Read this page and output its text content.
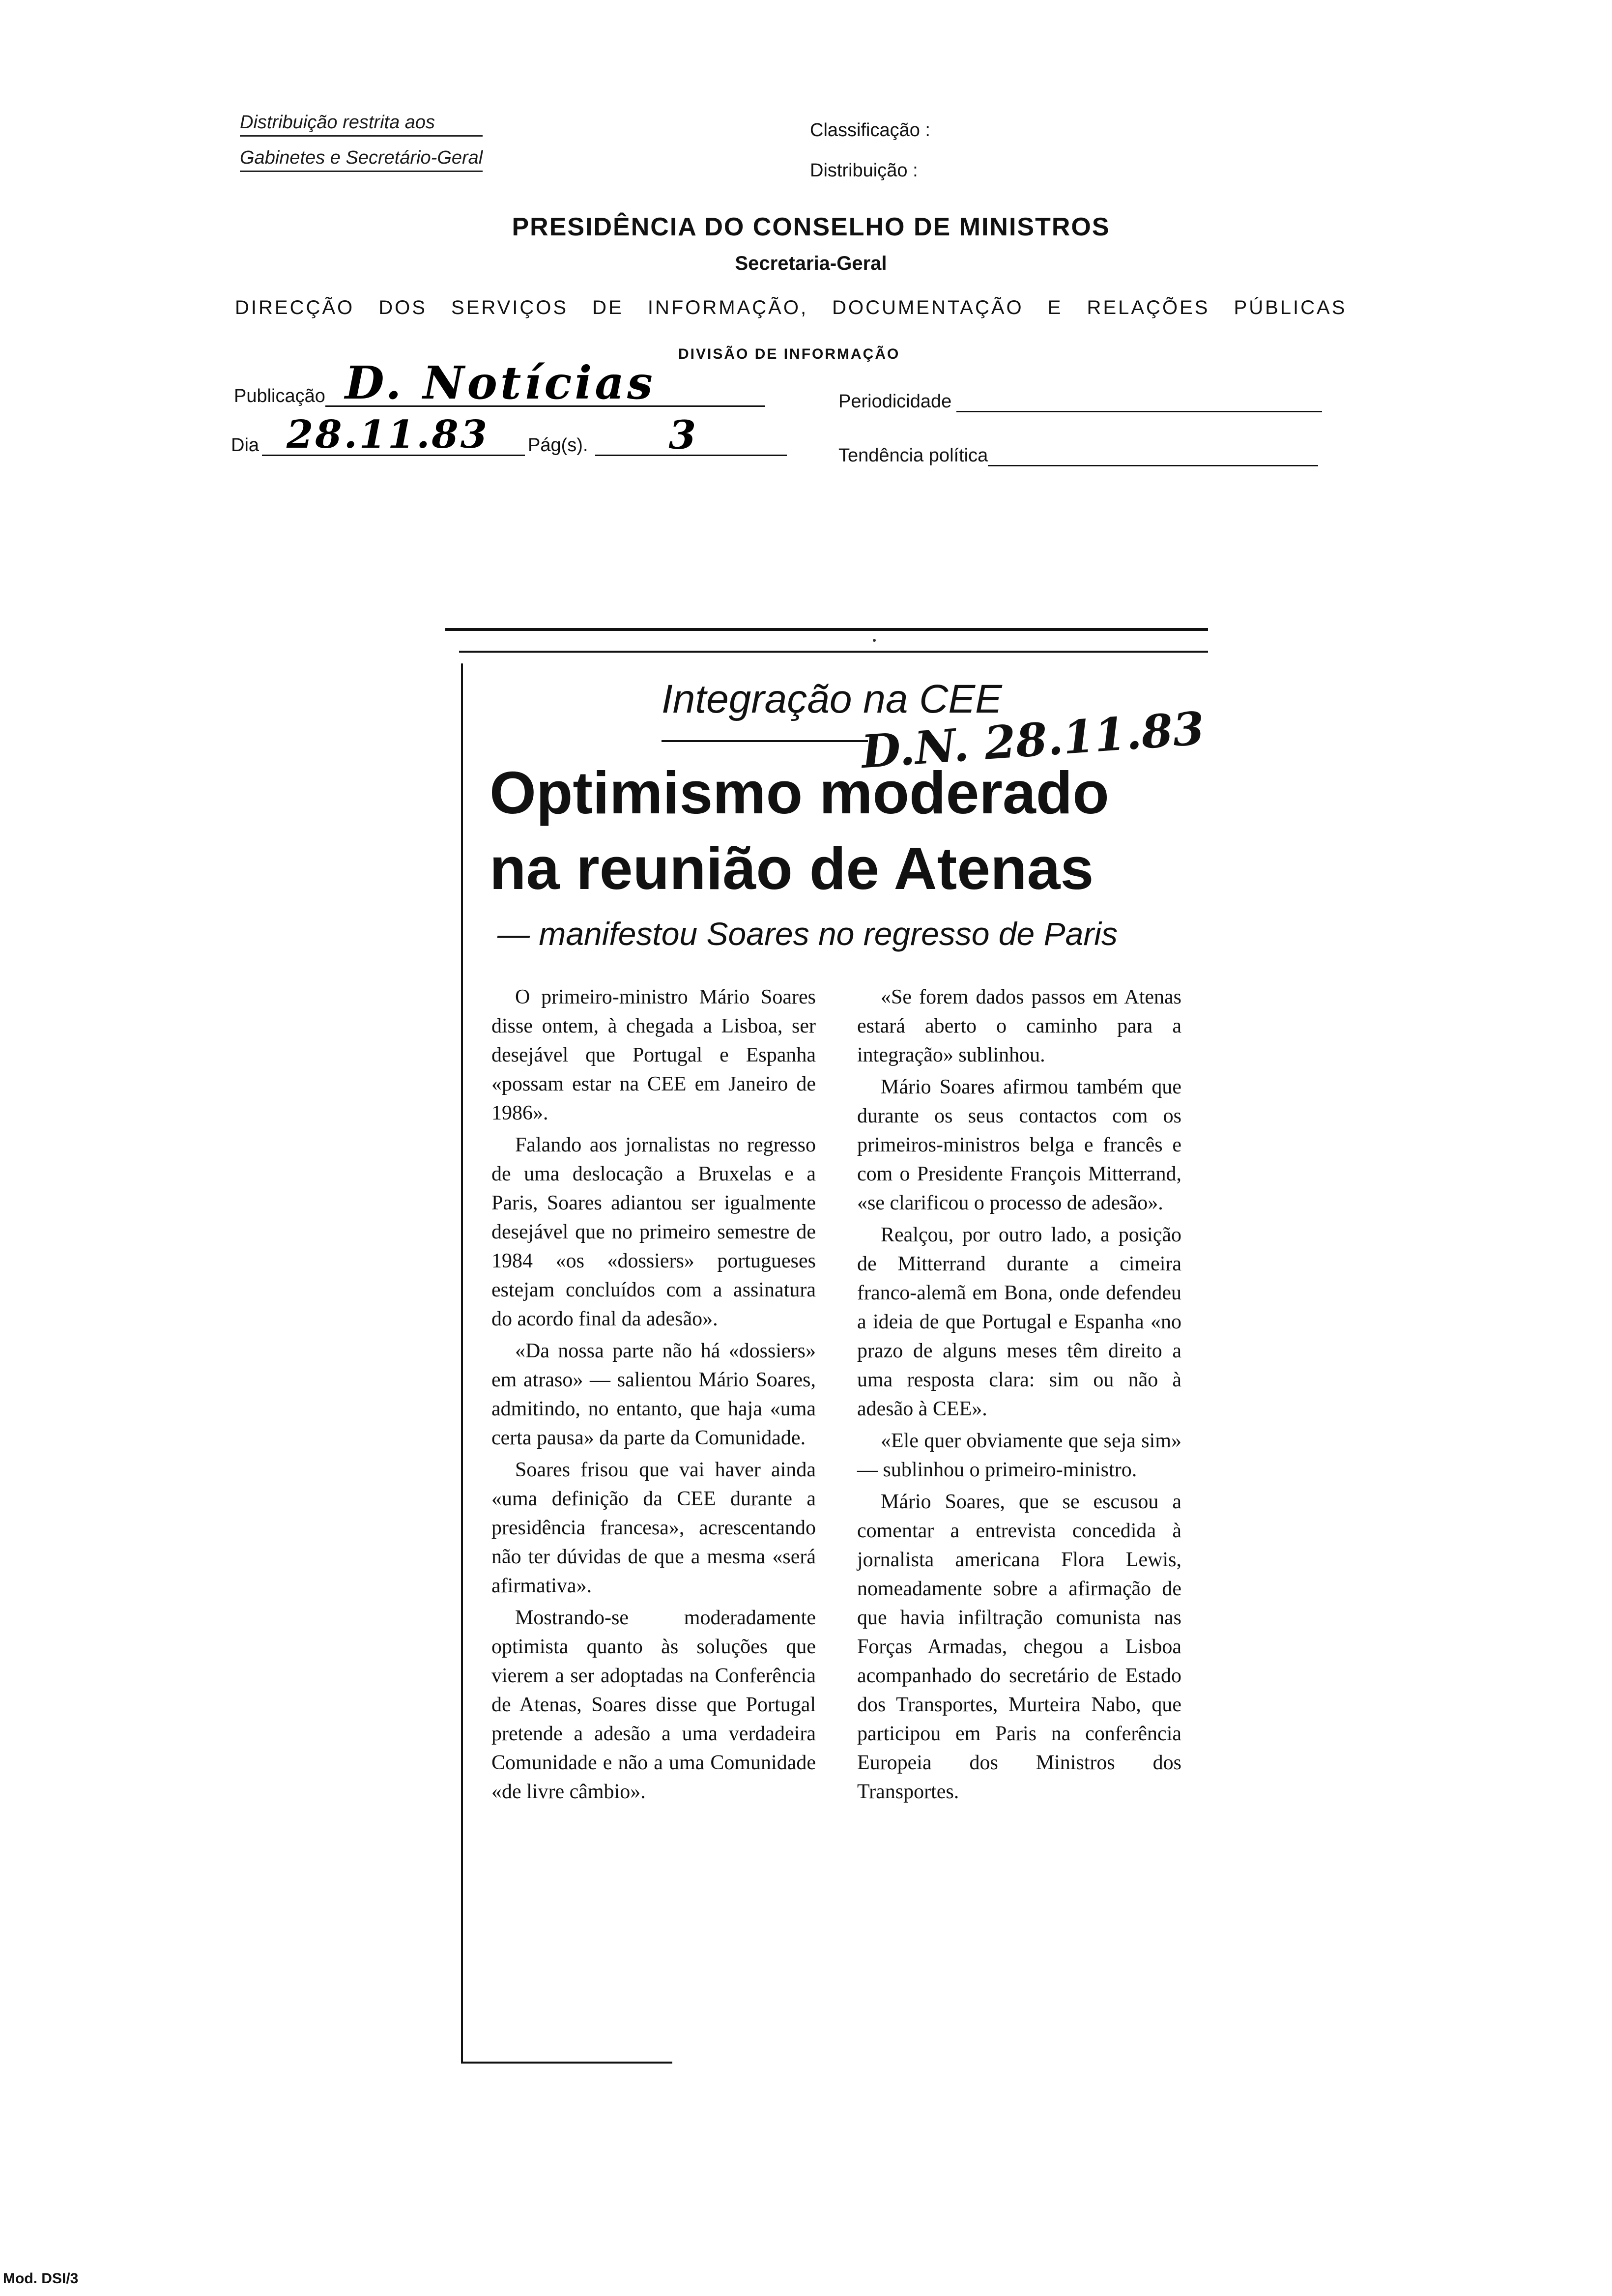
Distribuição restrita aos
Gabinetes e Secretário-Geral
Classificação :
Distribuição :
PRESIDÊNCIA DO CONSELHO DE MINISTROS
Secretaria-Geral
DIRECÇÃO DOS SERVIÇOS DE INFORMAÇÃO, DOCUMENTAÇÃO E RELAÇÕES PÚBLICAS
DIVISÃO DE INFORMAÇÃO
Publicação D. Notícias	Periodicidade
Dia 28.11.83 Pág(s). 3	Tendência política
Integração na CEE
D.N. 28.11.83
Optimismo moderado
na reunião de Atenas
— manifestou Soares no regresso de Paris

O primeiro-ministro Mário Soares disse ontem, à chegada a Lisboa, ser desejável que Portugal e Espanha «possam estar na CEE em Janeiro de 1986».

Falando aos jornalistas no regresso de uma deslocação a Bruxelas e a Paris, Soares adiantou ser igualmente desejável que no primeiro semestre de 1984 «os «dossiers» portugueses estejam concluídos com a assinatura do acordo final da adesão».

«Da nossa parte não há «dossiers» em atraso» — salientou Mário Soares, admitindo, no entanto, que haja «uma certa pausa» da parte da Comunidade.

Soares frisou que vai haver ainda «uma definição da CEE durante a presidência francesa», acrescentando não ter dúvidas de que a mesma «será afirmativa».

Mostrando-se moderadamente optimista quanto às soluções que vierem a ser adoptadas na Conferência de Atenas, Soares disse que Portugal pretende a adesão a uma verdadeira Comunidade e não a uma Comunidade «de livre câmbio».

«Se forem dados passos em Atenas estará aberto o caminho para a integração» sublinhou.

Mário Soares afirmou também que durante os seus contactos com os primeiros-ministros belga e francês e com o Presidente François Mitterrand, «se clarificou o processo de adesão».

Realçou, por outro lado, a posição de Mitterrand durante a cimeira franco-alemã em Bona, onde defendeu a ideia de que Portugal e Espanha «no prazo de alguns meses têm direito a uma resposta clara: sim ou não à adesão à CEE».

«Ele quer obviamente que seja sim» — sublinhou o primeiro-ministro.

Mário Soares, que se escusou a comentar a entrevista concedida à jornalista americana Flora Lewis, nomeadamente sobre a afirmação de que havia infiltração comunista nas Forças Armadas, chegou a Lisboa acompanhado do secretário de Estado dos Transportes, Murteira Nabo, que participou em Paris na conferência Europeia dos Ministros dos Transportes.

Mod. DSI/3
